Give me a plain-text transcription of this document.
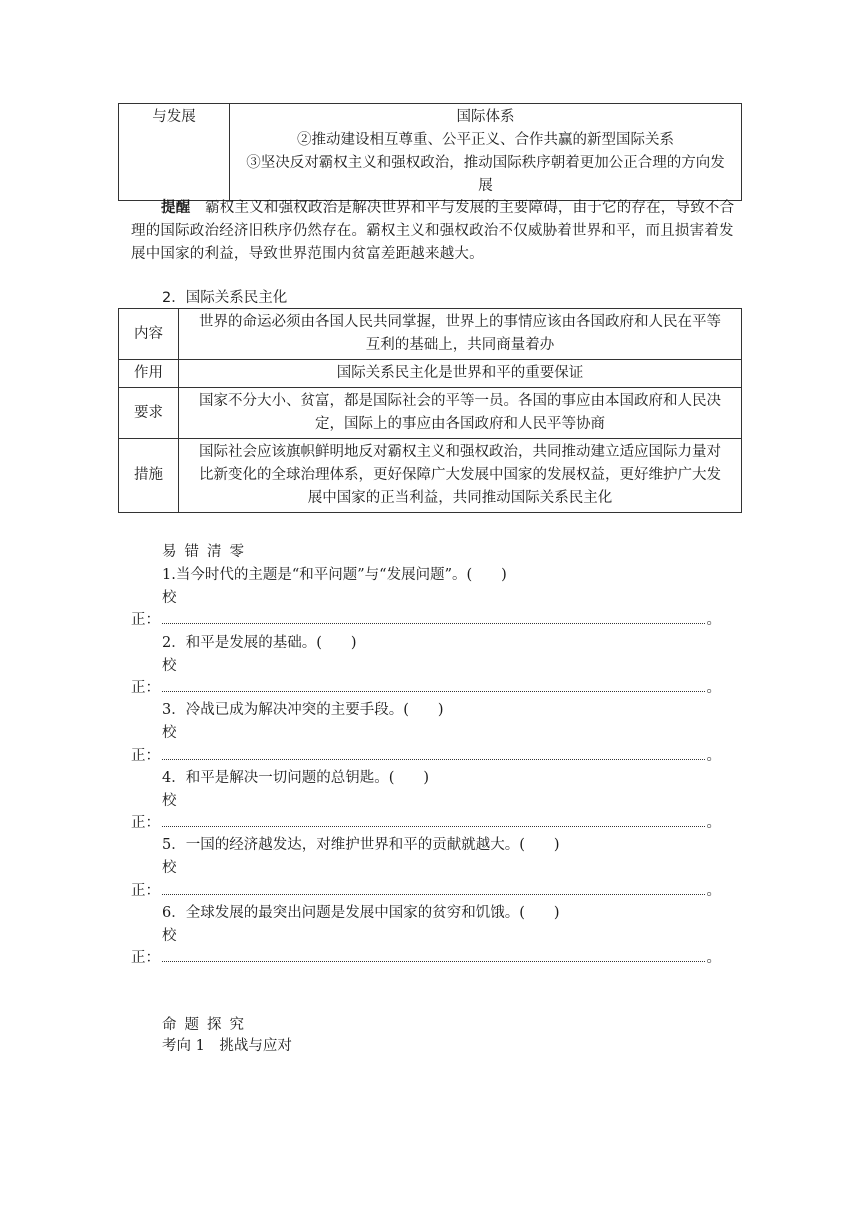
与发展	国际体系
②推动建设相互尊重、公平正义、合作共赢的新型国际关系
③坚决反对霸权主义和强权政治，推动国际秩序朝着更加公正合理的方向发
展
提醒　 霸权主义和强权政治是解决世界和平与发展的主要障碍，由于它的存在，导致不合理的国际政治经济旧秩序仍然存在。霸权主义和强权政治不仅威胁着世界和平，而且损害着发展中国家的利益，导致世界范围内贫富差距越来越大。
2．国际关系民主化
内容	世界的命运必须由各国人民共同掌握，世界上的事情应该由各国政府和人民在平等
互利的基础上，共同商量着办

作用	国际关系民主化是世界和平的重要保证

要求	国家不分大小、贫富，都是国际社会的平等一员。各国的事应由本国政府和人民决
定，国际上的事应由各国政府和人民平等协商

措施	国际社会应该旗帜鲜明地反对霸权主义和强权政治，共同推动建立适应国际力量对
比新变化的全球治理体系，更好保障广大发展中国家的发展权益，更好维护广大发
展中国家的正当利益，共同推动国际关系民主化
易错清零
1.当今时代的主题是“和平问题”与“发展问题”。(　　)
校
正：	。
2．和平是发展的基础。(　　)
校
正：	。
3．冷战已成为解决冲突的主要手段。(　　)
校
正：	。
4．和平是解决一切问题的总钥匙。(　　)
校
正：	。
5．一国的经济越发达，对维护世界和平的贡献就越大。(　　)
校
正：	。
6．全球发展的最突出问题是发展中国家的贫穷和饥饿。(　　)
校
正：	。
命题探究
考向 1　挑战与应对
